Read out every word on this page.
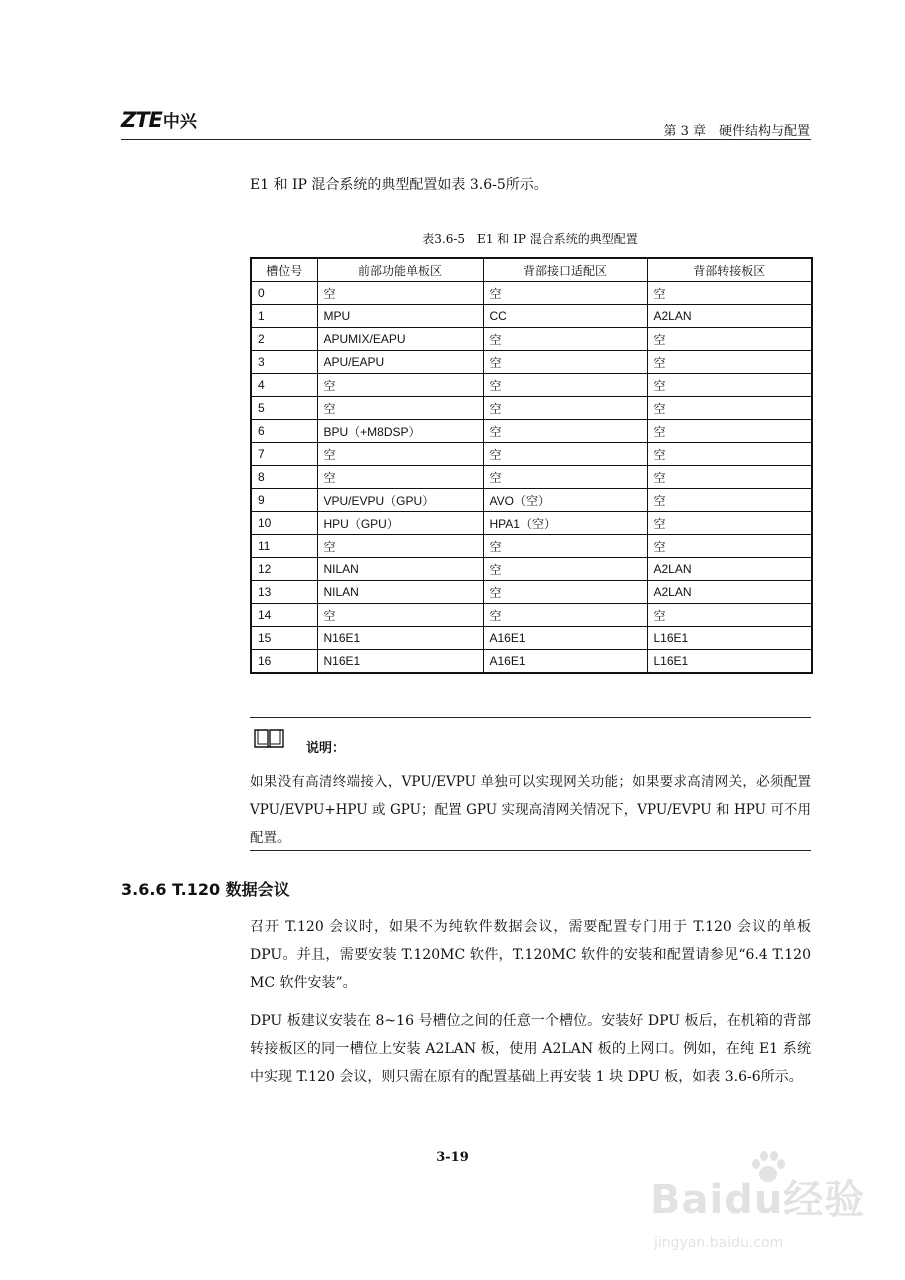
ZTE 中兴	第 3 章　硬件结构与配置
E1 和 IP 混合系统的典型配置如表 3.6-5所示。
表3.6-5　E1 和 IP 混合系统的典型配置
槽位号	前部功能单板区	背部接口适配区	背部转接板区
0	空	空	空
1	MPU	CC	A2LAN
2	APUMIX/EAPU	空	空
3	APU/EAPU	空	空
4	空	空	空
5	空	空	空
6	BPU（+M8DSP）	空	空
7	空	空	空
8	空	空	空
9	VPU/EVPU（GPU）	AVO（空）	空
10	HPU（GPU）	HPA1（空）	空
11	空	空	空
12	NILAN	空	A2LAN
13	NILAN	空	A2LAN
14	空	空	空
15	N16E1	A16E1	L16E1
16	N16E1	A16E1	L16E1
说明：

如果没有高清终端接入，VPU/EVPU 单独可以实现网关功能；如果要求高清网关，必须配置 VPU/EVPU+HPU 或 GPU；配置 GPU 实现高清网关情况下，VPU/EVPU 和 HPU 可不用配置。

3.6.6 T.120 数据会议

召开 T.120 会议时，如果不为纯软件数据会议，需要配置专门用于 T.120 会议的单板 DPU。并且，需要安装 T.120MC 软件，T.120MC 软件的安装和配置请参见“6.4 T.120 MC 软件安装”。

DPU 板建议安装在 8~16 号槽位之间的任意一个槽位。安装好 DPU 板后，在机箱的背部转接板区的同一槽位上安装 A2LAN 板，使用 A2LAN 板的上网口。例如，在纯 E1 系统中实现 T.120 会议，则只需在原有的配置基础上再安装 1 块 DPU 板，如表 3.6-6所示。

3-19
Baidu经验
jingyan.baidu.com
